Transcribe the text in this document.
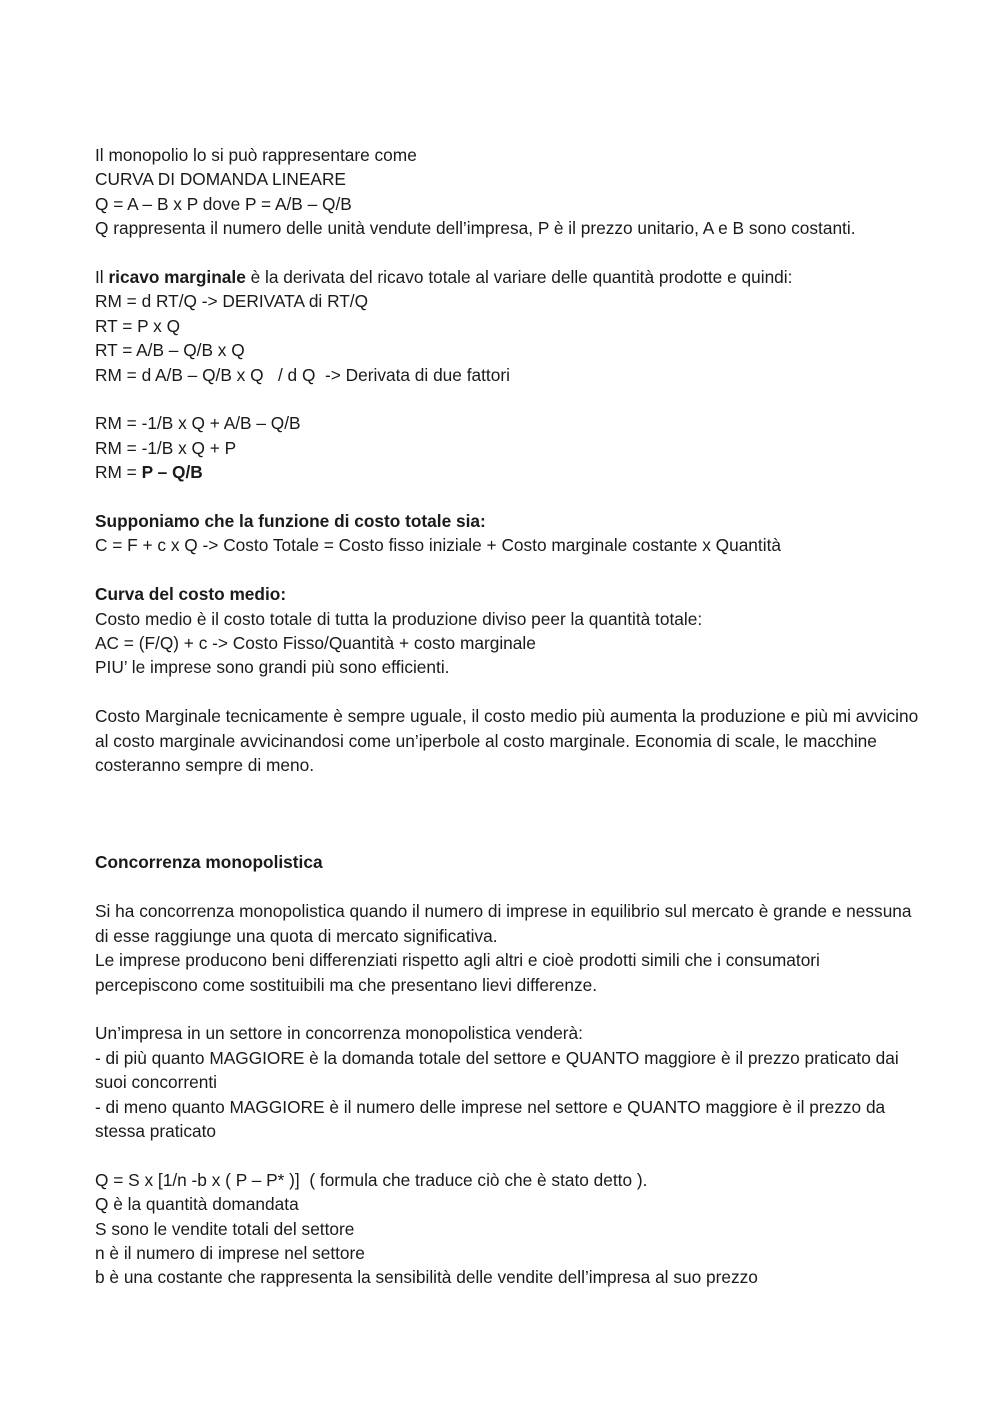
Il monopolio lo si può rappresentare come

CURVA DI DOMANDA LINEARE

Q = A – B x P dove P = A/B – Q/B

Q rappresenta il numero delle unità vendute dell’impresa, P è il prezzo unitario, A e B sono costanti.

Il ricavo marginale è la derivata del ricavo totale al variare delle quantità prodotte e quindi:

RM = d RT/Q -> DERIVATA di RT/Q

RT = P x Q

RT = A/B – Q/B x Q

RM = d A/B – Q/B x Q   / d Q  -> Derivata di due fattori

RM = -1/B x Q + A/B – Q/B

RM = -1/B x Q + P

RM = P – Q/B

Supponiamo che la funzione di costo totale sia:

C = F + c x Q -> Costo Totale = Costo fisso iniziale + Costo marginale costante x Quantità

Curva del costo medio:

Costo medio è il costo totale di tutta la produzione diviso peer la quantità totale:

AC = (F/Q) + c -> Costo Fisso/Quantità + costo marginale

PIU’ le imprese sono grandi più sono efficienti.

Costo Marginale tecnicamente è sempre uguale, il costo medio più aumenta la produzione e più mi avvicino al costo marginale avvicinandosi come un’iperbole al costo marginale. Economia di scale, le macchine costeranno sempre di meno.

Concorrenza monopolistica

Si ha concorrenza monopolistica quando il numero di imprese in equilibrio sul mercato è grande e nessuna di esse raggiunge una quota di mercato significativa.

Le imprese producono beni differenziati rispetto agli altri e cioè prodotti simili che i consumatori percepiscono come sostituibili ma che presentano lievi differenze.

Un’impresa in un settore in concorrenza monopolistica venderà:

- di più quanto MAGGIORE è la domanda totale del settore e QUANTO maggiore è il prezzo praticato dai suoi concorrenti

- di meno quanto MAGGIORE è il numero delle imprese nel settore e QUANTO maggiore è il prezzo da stessa praticato

Q = S x [1/n -b x ( P – P* )]  ( formula che traduce ciò che è stato detto ).

Q è la quantità domandata

S sono le vendite totali del settore

n è il numero di imprese nel settore

b è una costante che rappresenta la sensibilità delle vendite dell’impresa al suo prezzo
